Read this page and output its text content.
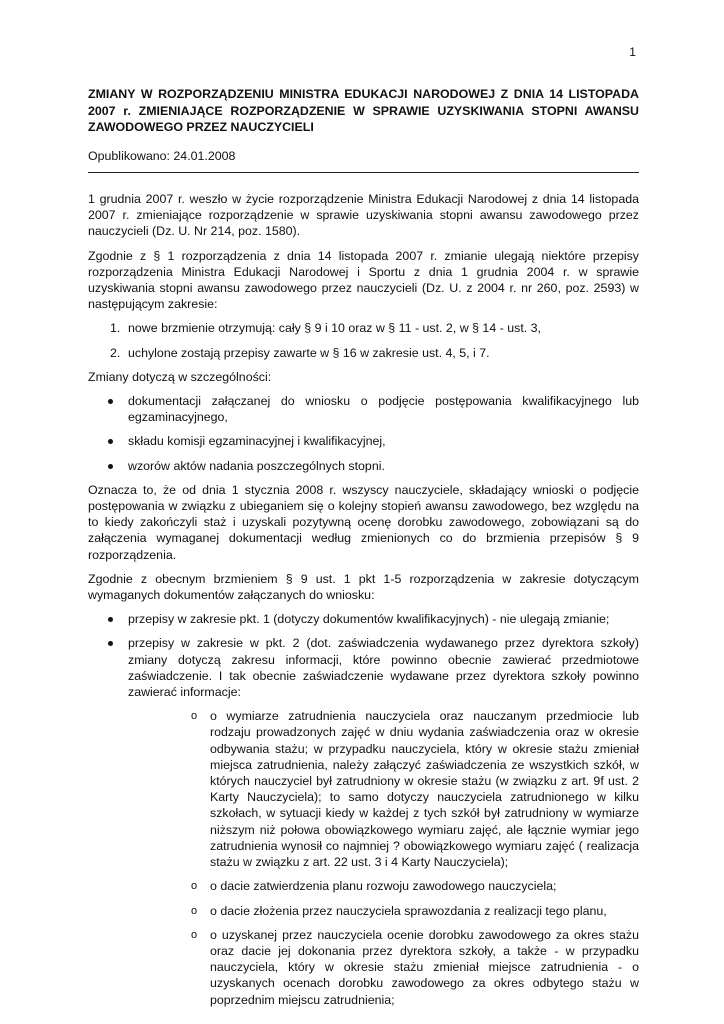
1
ZMIANY W ROZPORZĄDZENIU MINISTRA EDUKACJI NARODOWEJ Z DNIA 14 LISTOPADA 2007 r. ZMIENIAJĄCE ROZPORZĄDZENIE W SPRAWIE UZYSKIWANIA STOPNI AWANSU ZAWODOWEGO PRZEZ NAUCZYCIELI
Opublikowano: 24.01.2008

1 grudnia 2007 r. weszło w życie rozporządzenie Ministra Edukacji Narodowej z dnia 14 listopada 2007 r. zmieniające rozporządzenie w sprawie uzyskiwania stopni awansu zawodowego przez nauczycieli (Dz. U. Nr 214, poz. 1580).

Zgodnie z § 1 rozporządzenia z dnia 14 listopada 2007 r. zmianie ulegają niektóre przepisy rozporządzenia Ministra Edukacji Narodowej i Sportu z dnia 1 grudnia 2004 r. w sprawie uzyskiwania stopni awansu zawodowego przez nauczycieli (Dz. U. z 2004 r. nr 260, poz. 2593) w następującym zakresie:

1. nowe brzmienie otrzymują: cały § 9 i 10 oraz w § 11 - ust. 2, w § 14 - ust. 3,
2. uchylone zostają przepisy zawarte w § 16 w zakresie ust. 4, 5, i 7.

Zmiany dotyczą w szczególności:

dokumentacji załączanej do wniosku o podjęcie postępowania kwalifikacyjnego lub egzaminacyjnego,
składu komisji egzaminacyjnej i kwalifikacyjnej,
wzorów aktów nadania poszczególnych stopni.

Oznacza to, że od dnia 1 stycznia 2008 r. wszyscy nauczyciele, składający wnioski o podjęcie postępowania w związku z ubieganiem się o kolejny stopień awansu zawodowego, bez względu na to kiedy zakończyli staż i uzyskali pozytywną ocenę dorobku zawodowego, zobowiązani są do załączenia wymaganej dokumentacji według zmienionych co do brzmienia przepisów § 9 rozporządzenia.

Zgodnie z obecnym brzmieniem § 9 ust. 1 pkt 1-5 rozporządzenia w zakresie dotyczącym wymaganych dokumentów załączanych do wniosku:

przepisy w zakresie pkt. 1 (dotyczy dokumentów kwalifikacyjnych) - nie ulegają zmianie;
przepisy w zakresie w pkt. 2 (dot. zaświadczenia wydawanego przez dyrektora szkoły) zmiany dotyczą zakresu informacji, które powinno obecnie zawierać przedmiotowe zaświadczenie. I tak obecnie zaświadczenie wydawane przez dyrektora szkoły powinno zawierać informacje:
o o wymiarze zatrudnienia nauczyciela oraz nauczanym przedmiocie lub rodzaju prowadzonych zajęć w dniu wydania zaświadczenia oraz w okresie odbywania stażu; w przypadku nauczyciela, który w okresie stażu zmieniał miejsca zatrudnienia, należy załączyć zaświadczenia ze wszystkich szkół, w których nauczyciel był zatrudniony w okresie stażu (w związku z art. 9f ust. 2 Karty Nauczyciela); to samo dotyczy nauczyciela zatrudnionego w kilku szkołach, w sytuacji kiedy w każdej z tych szkół był zatrudniony w wymiarze niższym niż połowa obowiązkowego wymiaru zajęć, ale łącznie wymiar jego zatrudnienia wynosił co najmniej ? obowiązkowego wymiaru zajęć ( realizacja stażu w związku z art. 22 ust. 3 i 4 Karty Nauczyciela);
o o dacie zatwierdzenia planu rozwoju zawodowego nauczyciela;
o o dacie złożenia przez nauczyciela sprawozdania z realizacji tego planu,
o o uzyskanej przez nauczyciela ocenie dorobku zawodowego za okres stażu oraz dacie jej dokonania przez dyrektora szkoły, a także - w przypadku nauczyciela, który w okresie stażu zmieniał miejsce zatrudnienia - o uzyskanych ocenach dorobku zawodowego za okres odbytego stażu w poprzednim miejscu zatrudnienia;
